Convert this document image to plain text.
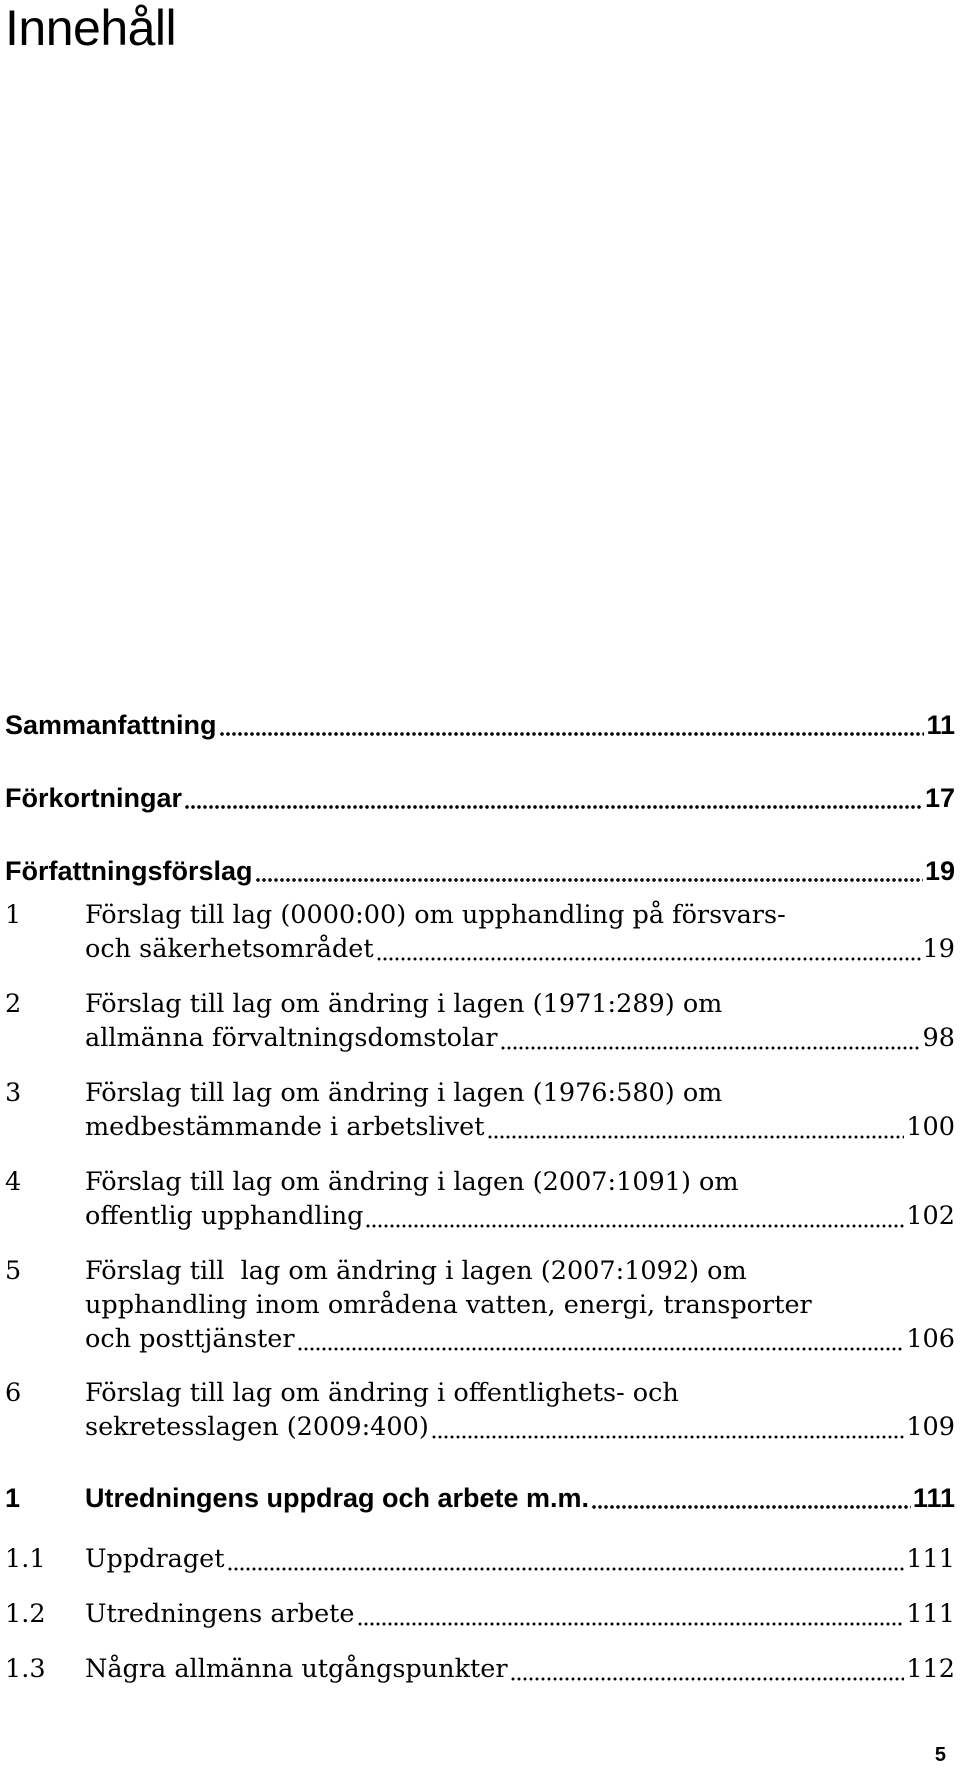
Innehåll
Sammanfattning	11
Förkortningar	17
Författningsförslag	19
1	Förslag till lag (0000:00) om upphandling på försvars-
och säkerhetsområdet	19
2	Förslag till lag om ändring i lagen (1971:289) om
allmänna förvaltningsdomstolar	98
3	Förslag till lag om ändring i lagen (1976:580) om
medbestämmande i arbetslivet	100
4	Förslag till lag om ändring i lagen (2007:1091) om
offentlig upphandling	102
5	Förslag till  lag om ändring i lagen (2007:1092) om
upphandling inom områdena vatten, energi, transporter
och posttjänster	106
6	Förslag till lag om ändring i offentlighets- och
sekretesslagen (2009:400)	109
1	Utredningens uppdrag och arbete m.m.	111
1.1	Uppdraget	111
1.2	Utredningens arbete	111
1.3	Några allmänna utgångspunkter	112
5
